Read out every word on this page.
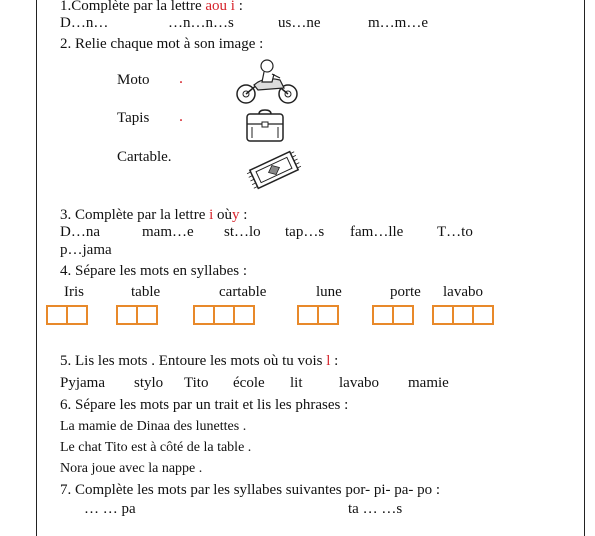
1.Complète par la lettre aou i :
D…n…	…n…n…s	us…ne	m…m…e
2. Relie chaque mot à son image :
Moto .
Tapis .
Cartable.
3. Complète par la lettre i oùy :
D…na	mam…e st…lo tap…s fam…lle T…to
p…jama
4. Sépare les mots en syllabes :
Iris	table	cartable	lune	porte lavabo
5. Lis les mots . Entoure les mots où tu vois l :
Pyjama stylo Tito école lit lavabo mamie
6. Sépare les mots par un trait et lis les phrases :
La mamie de Dinaa des lunettes .
Le chat Tito est à côté de la table .
Nora joue avec la nappe .
7. Complète les mots par les syllabes suivantes por- pi- pa- po :
… … pa	ta … …s
